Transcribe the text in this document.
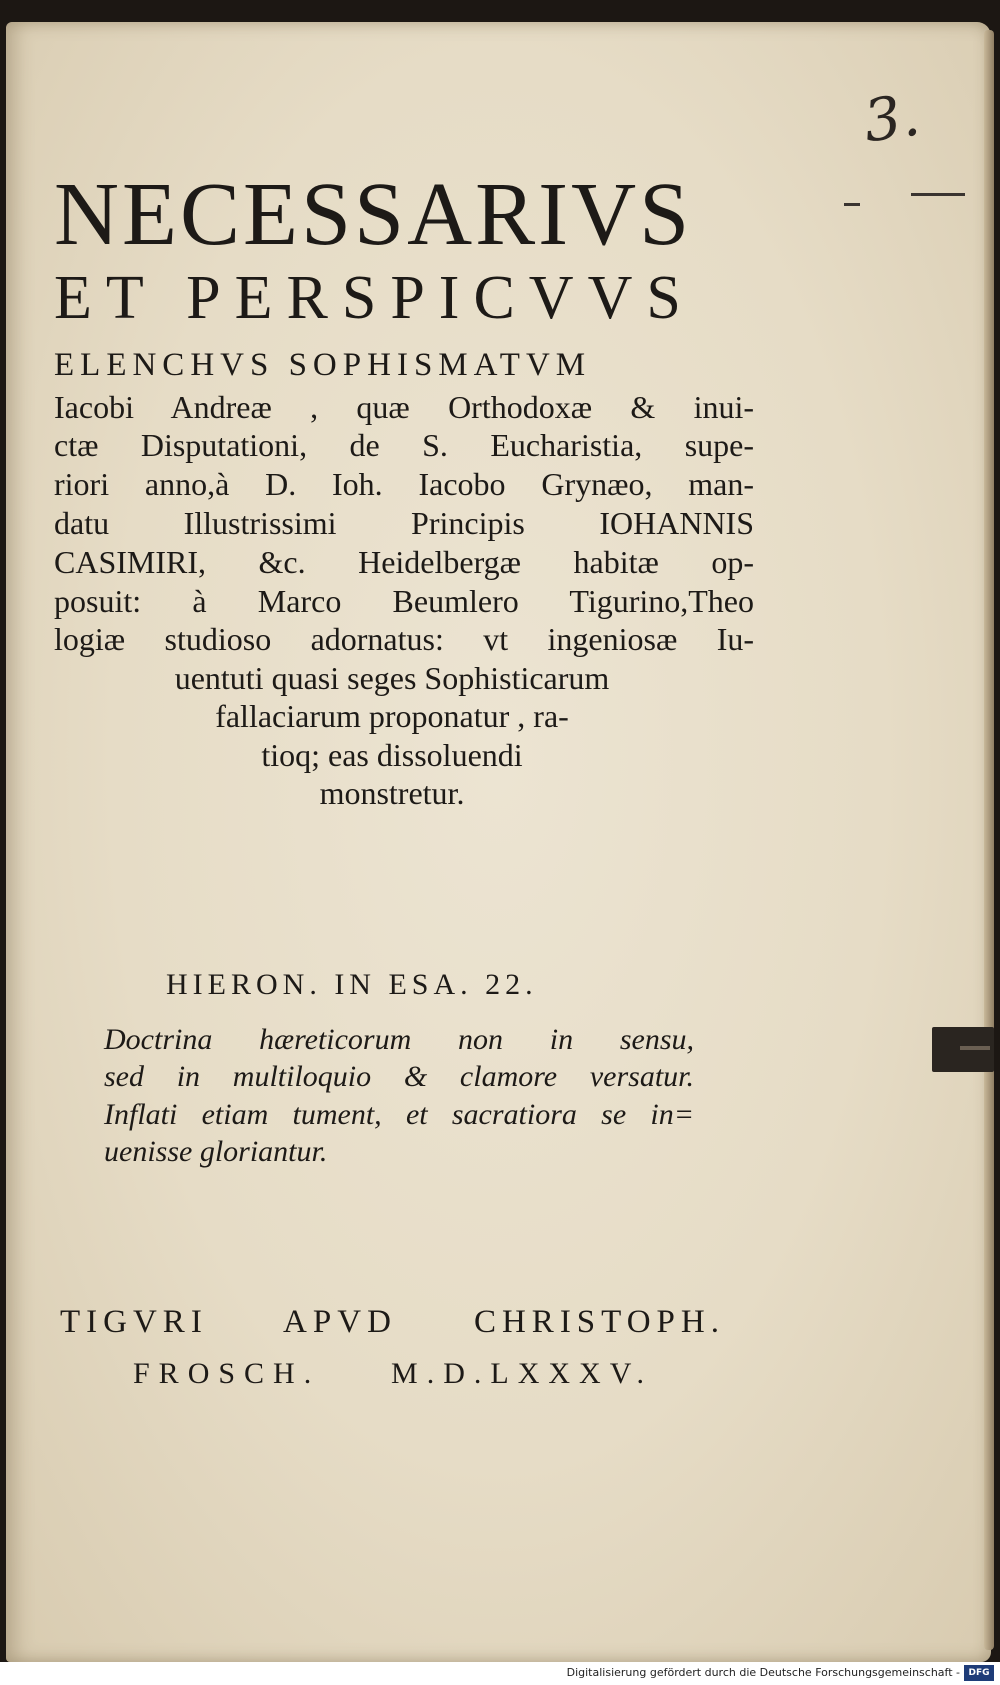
3.

NECESSARIVS

ET PERSPICVVS

ELENCHVS SOPHISMATVM

Iacobi Andreæ , quæ Orthodoxæ & inui-

ctæ Disputationi, de S. Eucharistia, supe-

riori anno,à D. Ioh. Iacobo Grynæo, man-

datu Illustrissimi Principis IOHANNIS

CASIMIRI, &c. Heidelbergæ habitæ op-

posuit: à Marco Beumlero Tigurino,Theo

logiæ studioso adornatus: vt ingeniosæ Iu-

uentuti quasi seges Sophisticarum

fallaciarum proponatur , ra-

tioq; eas dissoluendi

monstretur.

HIERON. IN ESA. 22.

Doctrina hæreticorum non in sensu,

sed in multiloquio & clamore versatur.

Inflati etiam tument, et sacratiora se in=

uenisse gloriantur.

TIGVRI APVD CHRISTOPH.

FROSCH. M.D.LXXXV.

Digitalisierung gefördert durch die Deutsche Forschungsgemeinschaft - DFG
